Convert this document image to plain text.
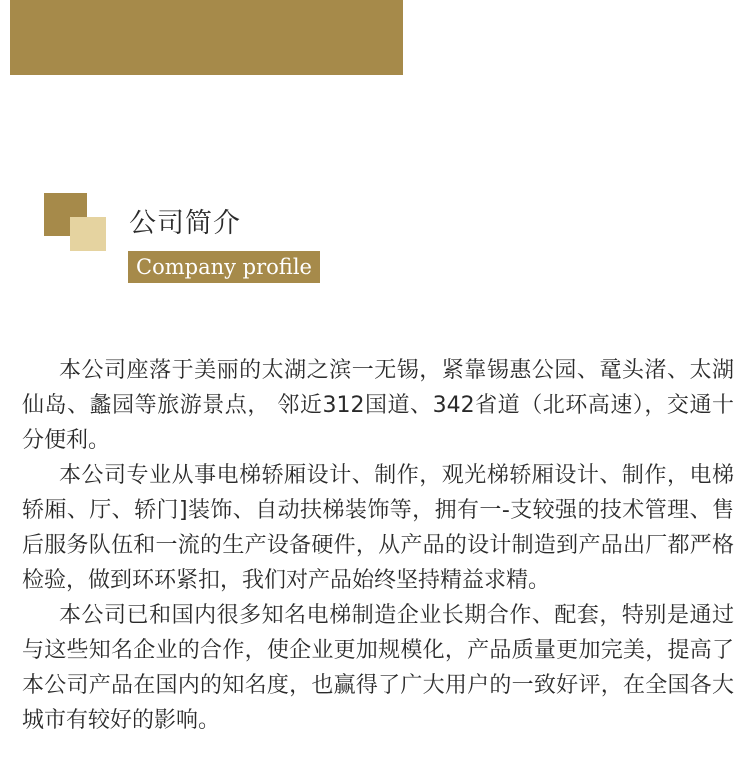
公司简介
Company profile

本公司座落于美丽的太湖之滨一无锡，紧靠锡惠公园、鼋头渚、太湖仙岛、蠡园等旅游景点， 邻近312国道、342省道（北环高速），交通十分便利。

本公司专业从事电梯轿厢设计、制作，观光梯轿厢设计、制作，电梯轿厢、厅、轿门]装饰、自动扶梯装饰等，拥有一-支较强的技术管理、售后服务队伍和一流的生产设备硬件，从产品的设计制造到产品出厂都严格检验，做到环环紧扣，我们对产品始终坚持精益求精。

本公司已和国内很多知名电梯制造企业长期合作、配套，特别是通过与这些知名企业的合作，使企业更加规模化，产品质量更加完美，提高了本公司产品在国内的知名度，也赢得了广大用户的一致好评，在全国各大城市有较好的影响。
